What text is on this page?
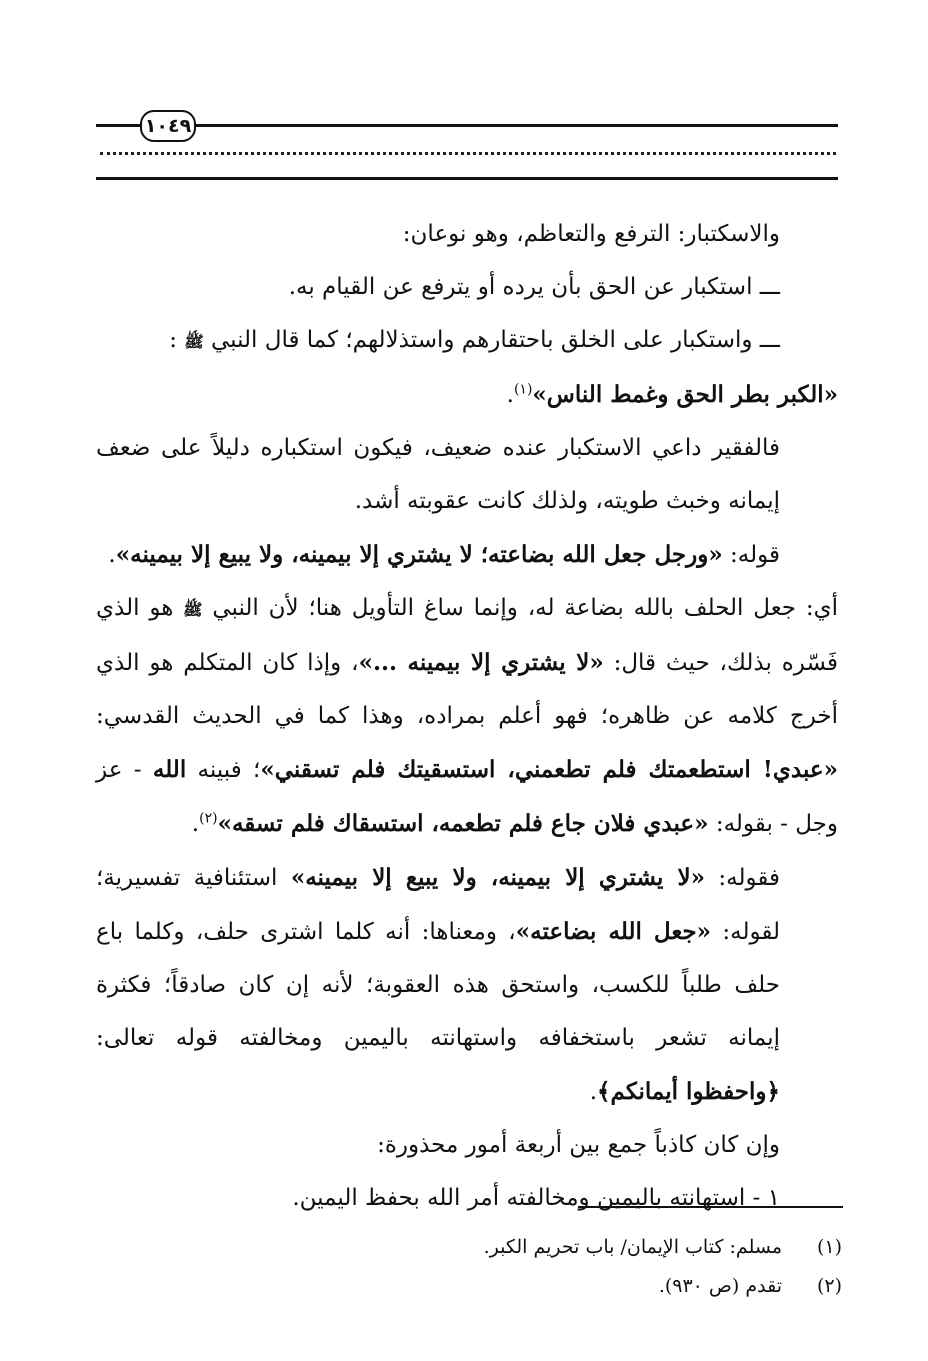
١٠٤٩

والاسكتبار: الترفع والتعاظم، وهو نوعان:

ـــ استكبار عن الحق بأن يرده أو يترفع عن القيام به.

ـــ واستكبار على الخلق باحتقارهم واستذلالهم؛ كما قال النبي ﷺ :

«الكبر بطر الحق وغمط الناس»$^{(١)}$.

فالفقير داعي الاستكبار عنده ضعيف، فيكون استكباره دليلاً على ضعف إيمانه وخبث طويته، ولذلك كانت عقوبته أشد.

قوله: «ورجل جعل الله بضاعته؛ لا يشتري إلا بيمينه، ولا يبيع إلا بيمينه».

أي: جعل الحلف بالله بضاعة له، وإنما ساغ التأويل هنا؛ لأن النبي ﷺ هو الذي فَسّره بذلك، حيث قال: «لا يشتري إلا بيمينه ...»، وإذا كان المتكلم هو الذي أخرج كلامه عن ظاهره؛ فهو أعلم بمراده، وهذا كما في الحديث القدسي: «عبدي! استطعمتك فلم تطعمني، استسقيتك فلم تسقني»؛ فبينه الله - عز وجل - بقوله: «عبدي فلان جاع فلم تطعمه، استسقاك فلم تسقه»$^{(٢)}$.

فقوله: «لا يشتري إلا بيمينه، ولا يبيع إلا بيمينه» استئنافية تفسيرية؛ لقوله: «جعل الله بضاعته»، ومعناها: أنه كلما اشترى حلف، وكلما باع حلف طلباً للكسب، واستحق هذه العقوبة؛ لأنه إن كان صادقاً؛ فكثرة إيمانه تشعر باستخفافه واستهانته باليمين ومخالفته قوله تعالى: ﴿واحفظوا أيمانكم﴾.

وإن كان كاذباً جمع بين أربعة أمور محذورة:

١ - استهانته باليمين ومخالفته أمر الله بحفظ اليمين.

(١)مسلم: كتاب الإيمان/ باب تحريم الكبر.
(٢)تقدم (ص ٩٣٠).
